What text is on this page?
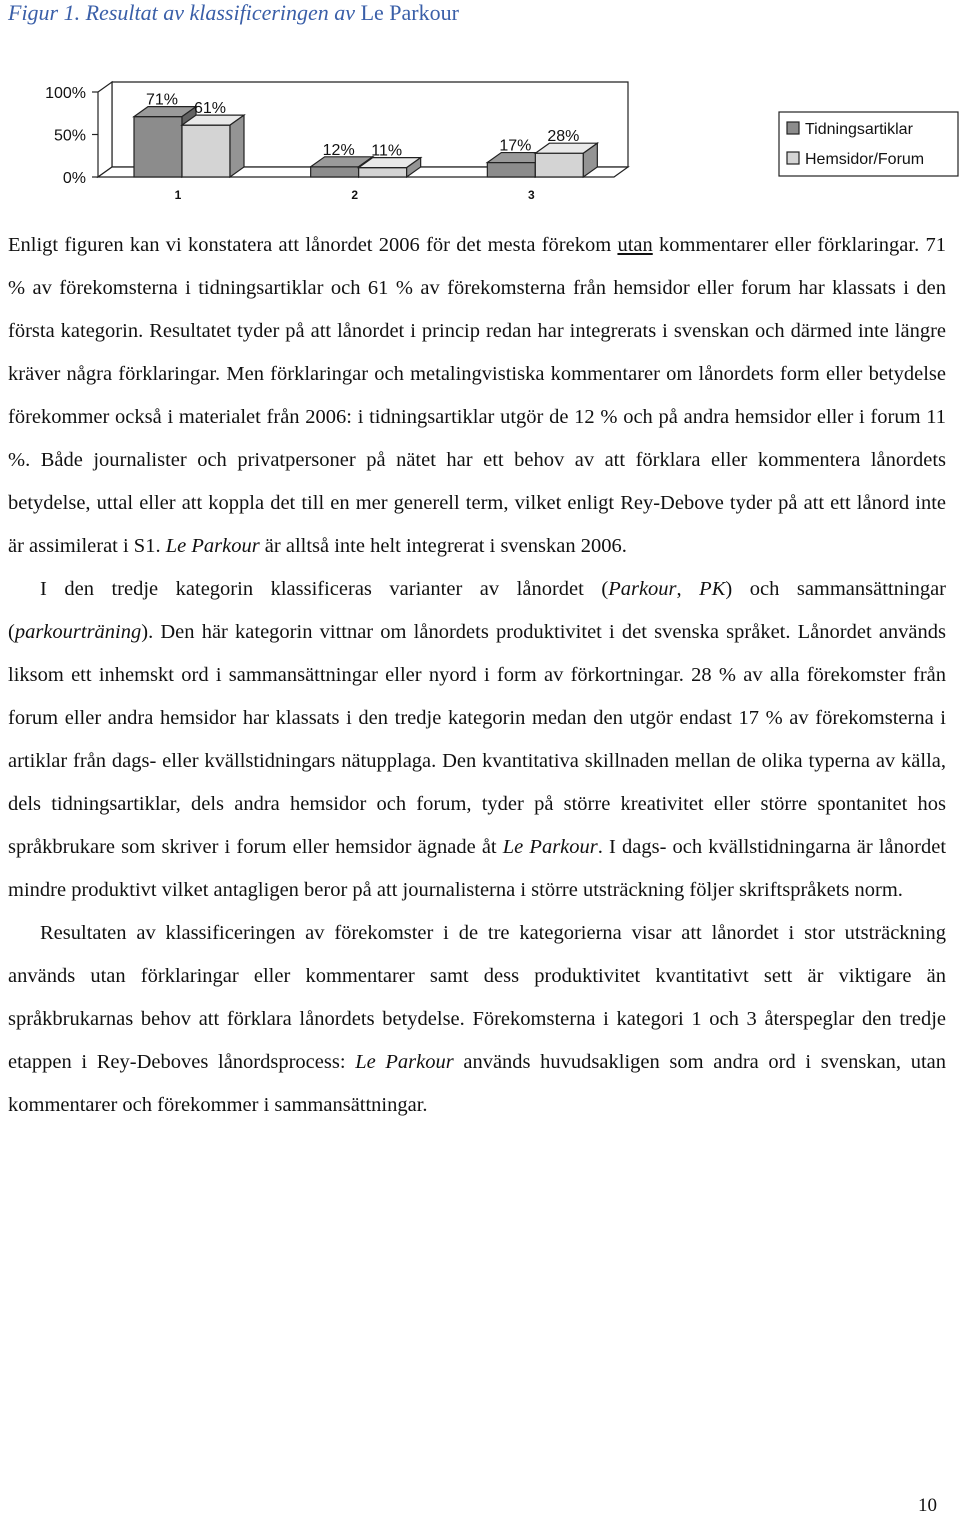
Figur 1. Resultat av klassificeringen av Le Parkour
100%
50%
0%
71% 61%
1
12% 11%
2
17%
28%
3
Tidningsartiklar
Hemsidor/Forum

Enligt figuren kan vi konstatera att lånordet 2006 för det mesta förekom utan kommentarer eller förklaringar. 71 % av förekomsterna i tidningsartiklar och 61 % av förekomsterna från hemsidor eller forum har klassats i den första kategorin. Resultatet tyder på att lånordet i princip redan har integrerats i svenskan och därmed inte längre kräver några förklaringar. Men förklaringar och metalingvistiska kommentarer om lånordets form eller betydelse förekommer också i materialet från 2006: i tidningsartiklar utgör de 12 % och på andra hemsidor eller i forum 11 %. Både journalister och privatpersoner på nätet har ett behov av att förklara eller kommentera lånordets betydelse, uttal eller att koppla det till en mer generell term, vilket enligt Rey-Debove tyder på att ett lånord inte är assimilerat i S1. Le Parkour är alltså inte helt integrerat i svenskan 2006.

I den tredje kategorin klassificeras varianter av lånordet (Parkour, PK) och sammansättningar (parkourträning). Den här kategorin vittnar om lånordets produktivitet i det svenska språket. Lånordet används liksom ett inhemskt ord i sammansättningar eller nyord i form av förkortningar. 28 % av alla förekomster från forum eller andra hemsidor har klassats i den tredje kategorin medan den utgör endast 17 % av förekomsterna i artiklar från dags- eller kvällstidningars nätupplaga. Den kvantitativa skillnaden mellan de olika typerna av källa, dels tidningsartiklar, dels andra hemsidor och forum, tyder på större kreativitet eller större spontanitet hos språkbrukare som skriver i forum eller hemsidor ägnade åt Le Parkour. I dags- och kvällstidningarna är lånordet mindre produktivt vilket antagligen beror på att journalisterna i större utsträckning följer skriftspråkets norm.

Resultaten av klassificeringen av förekomster i de tre kategorierna visar att lånordet i stor utsträckning används utan förklaringar eller kommentarer samt dess produktivitet kvantitativt sett är viktigare än språkbrukarnas behov att förklara lånordets betydelse. Förekomsterna i kategori 1 och 3 återspeglar den tredje etappen i Rey-Deboves lånordsprocess: Le Parkour används huvudsakligen som andra ord i svenskan, utan kommentarer och förekommer i sammansättningar.

10
